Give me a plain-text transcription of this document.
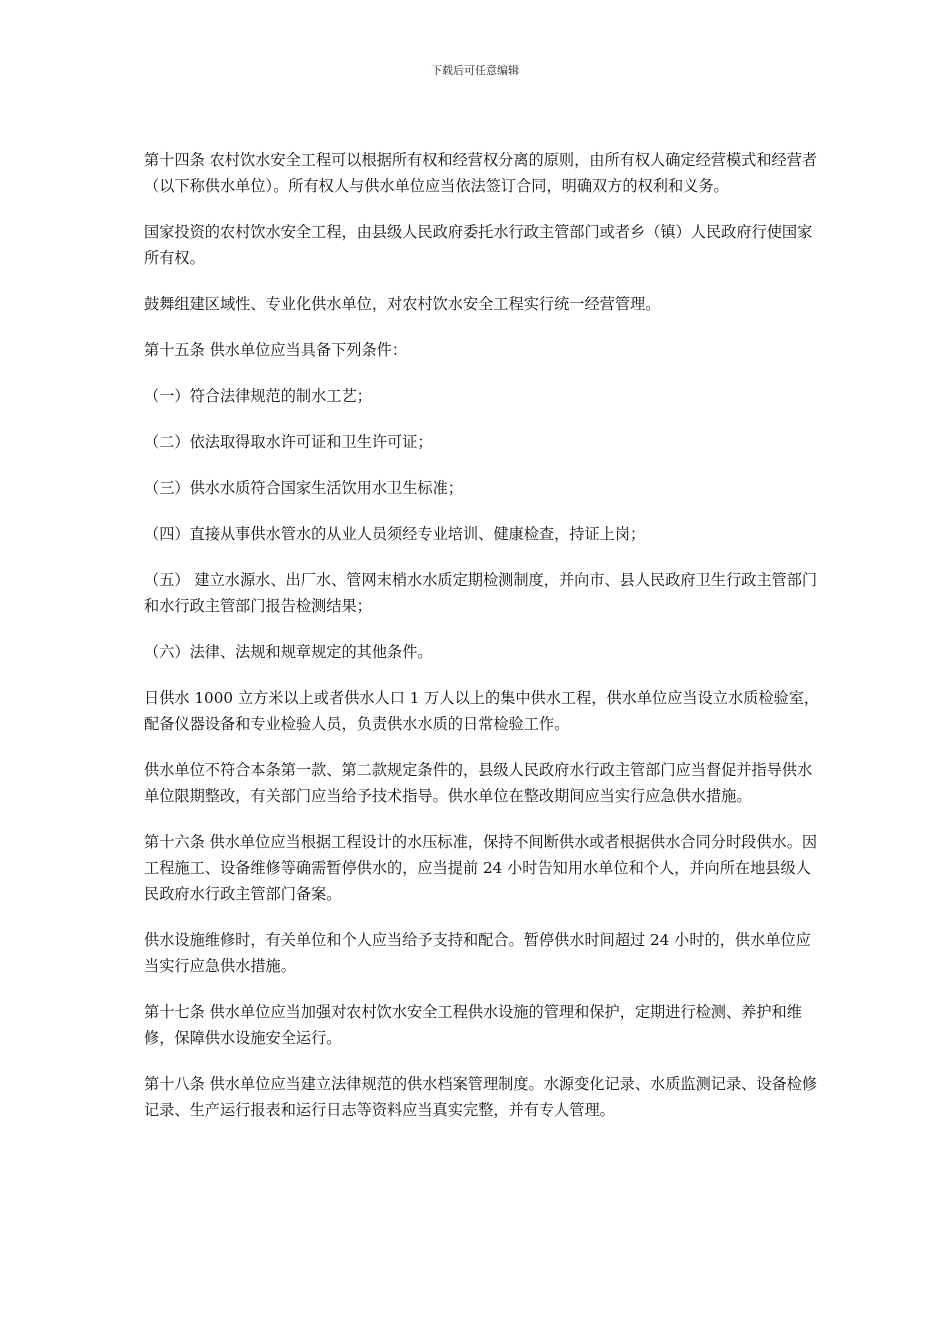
下载后可任意编辑

第十四条 农村饮水安全工程可以根据所有权和经营权分离的原则，由所有权人确定经营模式和经营者（以下称供水单位）。所有权人与供水单位应当依法签订合同，明确双方的权利和义务。

国家投资的农村饮水安全工程，由县级人民政府委托水行政主管部门或者乡（镇）人民政府行使国家所有权。

鼓舞组建区域性、专业化供水单位，对农村饮水安全工程实行统一经营管理。

第十五条 供水单位应当具备下列条件：

（一）符合法律规范的制水工艺；

（二）依法取得取水许可证和卫生许可证；

（三）供水水质符合国家生活饮用水卫生标准；

（四）直接从事供水管水的从业人员须经专业培训、健康检查，持证上岗；

（五） 建立水源水、出厂水、管网末梢水水质定期检测制度，并向市、县人民政府卫生行政主管部门和水行政主管部门报告检测结果；

（六）法律、法规和规章规定的其他条件。

日供水 1000 立方米以上或者供水人口 1 万人以上的集中供水工程，供水单位应当设立水质检验室，配备仪器设备和专业检验人员，负责供水水质的日常检验工作。

供水单位不符合本条第一款、第二款规定条件的，县级人民政府水行政主管部门应当督促并指导供水单位限期整改，有关部门应当给予技术指导。供水单位在整改期间应当实行应急供水措施。

第十六条 供水单位应当根据工程设计的水压标准，保持不间断供水或者根据供水合同分时段供水。因工程施工、设备维修等确需暂停供水的，应当提前 24 小时告知用水单位和个人，并向所在地县级人民政府水行政主管部门备案。

供水设施维修时，有关单位和个人应当给予支持和配合。暂停供水时间超过 24 小时的，供水单位应当实行应急供水措施。

第十七条 供水单位应当加强对农村饮水安全工程供水设施的管理和保护，定期进行检测、养护和维修，保障供水设施安全运行。

第十八条 供水单位应当建立法律规范的供水档案管理制度。水源变化记录、水质监测记录、设备检修记录、生产运行报表和运行日志等资料应当真实完整，并有专人管理。
